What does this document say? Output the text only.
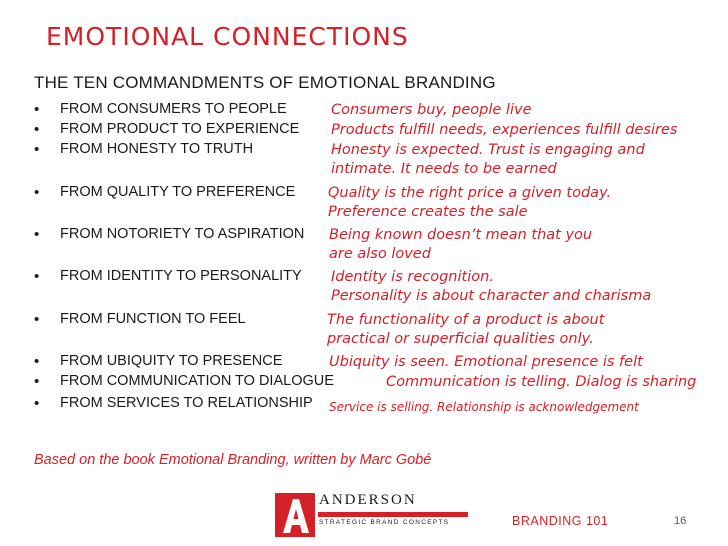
EMOTIONAL CONNECTIONS
THE TEN COMMANDMENTS OF EMOTIONAL BRANDING
• FROM CONSUMERS TO PEOPLE	Consumers buy, people live
• FROM PRODUCT TO EXPERIENCE Products fulfill needs, experiences fulfill desires
• FROM HONESTY TO TRUTH	Honesty is expected. Trust is engaging and
intimate. It needs to be earned
• FROM QUALITY TO PREFERENCE Quality is the right price a given today.
Preference creates the sale
• FROM NOTORIETY TO ASPIRATION Being known doesn’t mean that you
are also loved
• FROM IDENTITY TO PERSONALITY Identity is recognition.
Personality is about character and charisma
• FROM FUNCTION TO FEEL	The functionality of a product is about
practical or superficial qualities only.
• FROM UBIQUITY TO PRESENCE	Ubiquity is seen. Emotional presence is felt
• FROM COMMUNICATION TO DIALOGUE	Communication is telling. Dialog is sharing
• FROM SERVICES TO RELATIONSHIP Service is selling. Relationship is acknowledgement
Based on the book Emotional Branding, written by Marc Gobé
ANDERSON
STRATEGIC BRAND CONCEPTS	BRANDING 101	16
